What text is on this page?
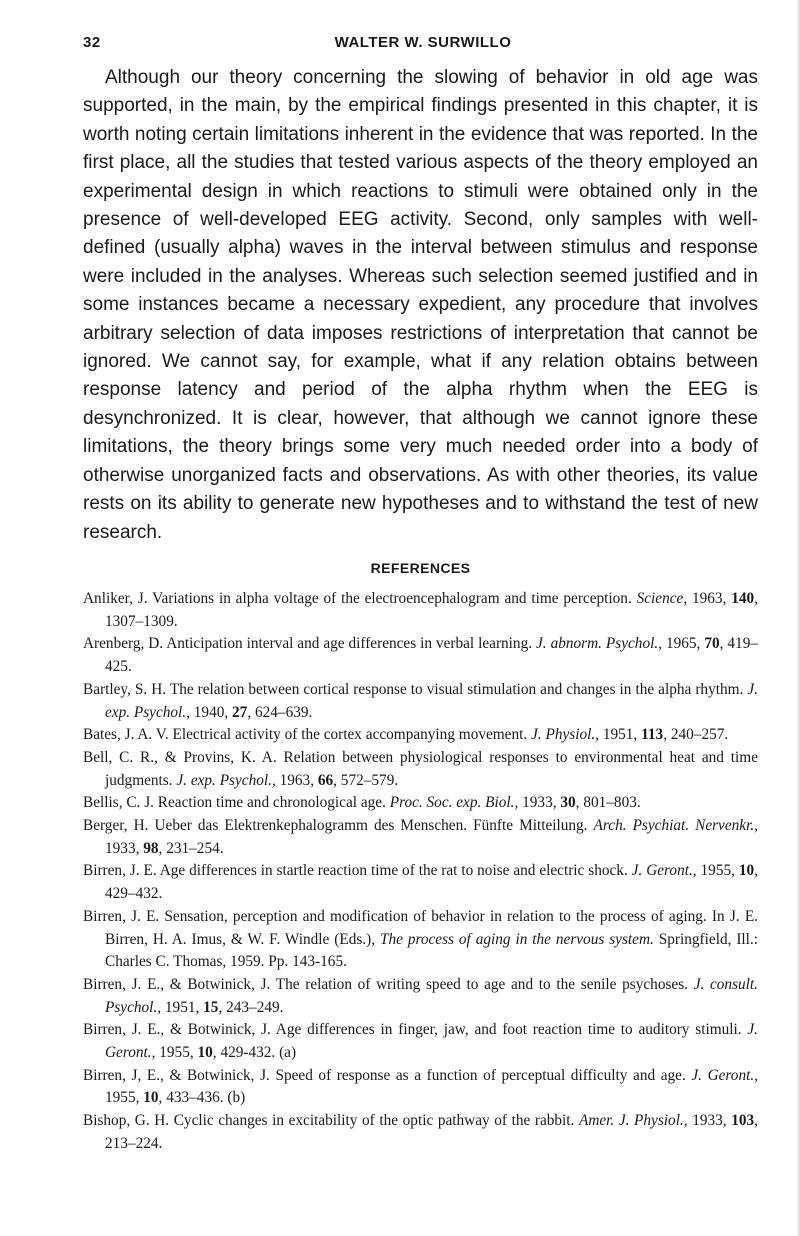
32	WALTER W. SURWILLO

Although our theory concerning the slowing of behavior in old age was supported, in the main, by the empirical findings presented in this chapter, it is worth noting certain limitations inherent in the evidence that was reported. In the first place, all the studies that tested various aspects of the theory employed an experimental design in which reactions to stimuli were obtained only in the presence of well-developed EEG activity. Second, only samples with well-defined (usually alpha) waves in the interval between stimulus and response were included in the analyses. Whereas such selection seemed justified and in some instances became a necessary expedient, any procedure that involves arbitrary selection of data imposes restrictions of interpretation that cannot be ignored. We cannot say, for example, what if any relation obtains between response latency and period of the alpha rhythm when the EEG is desynchronized. It is clear, however, that although we cannot ignore these limitations, the theory brings some very much needed order into a body of otherwise unorganized facts and observations. As with other theories, its value rests on its ability to generate new hypotheses and to withstand the test of new research.

REFERENCES
Anliker, J. Variations in alpha voltage of the electroencephalogram and time perception. Science, 1963, 140, 1307–1309.
Arenberg, D. Anticipation interval and age differences in verbal learning. J. abnorm. Psychol., 1965, 70, 419–425.
Bartley, S. H. The relation between cortical response to visual stimulation and changes in the alpha rhythm. J. exp. Psychol., 1940, 27, 624–639.
Bates, J. A. V. Electrical activity of the cortex accompanying movement. J. Physiol., 1951, 113, 240–257.
Bell, C. R., & Provins, K. A. Relation between physiological responses to environmental heat and time judgments. J. exp. Psychol., 1963, 66, 572–579.
Bellis, C. J. Reaction time and chronological age. Proc. Soc. exp. Biol., 1933, 30, 801–803.
Berger, H. Ueber das Elektrenkephalogramm des Menschen. Fünfte Mitteilung. Arch. Psychiat. Nervenkr., 1933, 98, 231–254.
Birren, J. E. Age differences in startle reaction time of the rat to noise and electric shock. J. Geront., 1955, 10, 429–432.
Birren, J. E. Sensation, perception and modification of behavior in relation to the process of aging. In J. E. Birren, H. A. Imus, & W. F. Windle (Eds.), The process of aging in the nervous system. Springfield, Ill.: Charles C. Thomas, 1959. Pp. 143-165.
Birren, J. E., & Botwinick, J. The relation of writing speed to age and to the senile psychoses. J. consult. Psychol., 1951, 15, 243–249.
Birren, J. E., & Botwinick, J. Age differences in finger, jaw, and foot reaction time to auditory stimuli. J. Geront., 1955, 10, 429-432. (a)
Birren, J, E., & Botwinick, J. Speed of response as a function of perceptual difficulty and age. J. Geront., 1955, 10, 433–436. (b)
Bishop, G. H. Cyclic changes in excitability of the optic pathway of the rabbit. Amer. J. Physiol., 1933, 103, 213–224.
